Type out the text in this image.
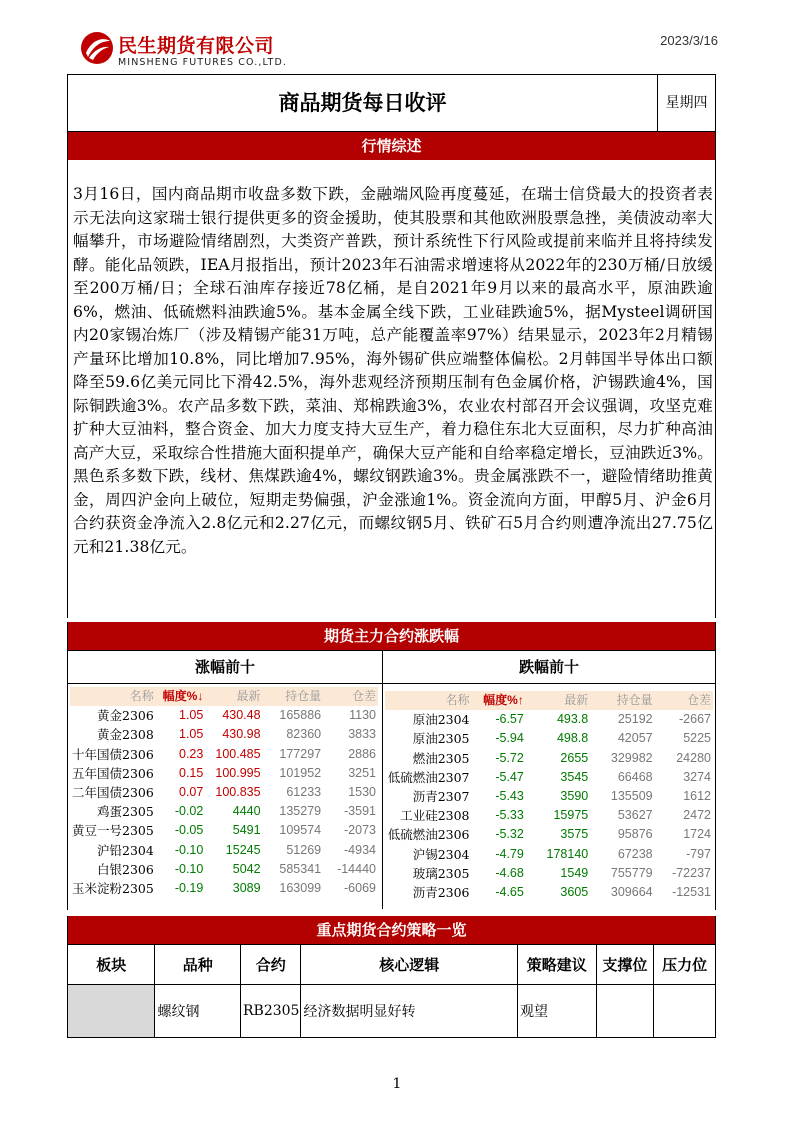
民生期货有限公司
MINSHENG FUTURES CO.,LTD.
2023/3/16
商品期货每日收评	星期四
行情综述
3月16日，国内商品期市收盘多数下跌，金融端风险再度蔓延，在瑞士信贷最大的投资者表示无法向这家瑞士银行提供更多的资金援助，使其股票和其他欧洲股票急挫，美债波动率大幅攀升，市场避险情绪剧烈，大类资产普跌，预计系统性下行风险或提前来临并且将持续发酵。能化品领跌，IEA月报指出，预计2023年石油需求增速将从2022年的230万桶/日放缓至200万桶/日；全球石油库存接近78亿桶，是自2021年9月以来的最高水平，原油跌逾6%，燃油、低硫燃料油跌逾5%。基本金属全线下跌，工业硅跌逾5%，据Mysteel调研国内20家锡冶炼厂（涉及精锡产能31万吨，总产能覆盖率97%）结果显示，2023年2月精锡产量环比增加10.8%，同比增加7.95%，海外锡矿供应端整体偏松。2月韩国半导体出口额降至59.6亿美元同比下滑42.5%，海外悲观经济预期压制有色金属价格，沪锡跌逾4%，国际铜跌逾3%。农产品多数下跌，菜油、郑棉跌逾3%，农业农村部召开会议强调，攻坚克难扩种大豆油料，整合资金、加大力度支持大豆生产，着力稳住东北大豆面积，尽力扩种高油高产大豆，采取综合性措施大面积提单产，确保大豆产能和自给率稳定增长，豆油跌近3%。黑色系多数下跌，线材、焦煤跌逾4%，螺纹钢跌逾3%。贵金属涨跌不一，避险情绪助推黄金，周四沪金向上破位，短期走势偏强，沪金涨逾1%。资金流向方面，甲醇5月、沪金6月合约获资金净流入2.8亿元和2.27亿元，而螺纹钢5月、铁矿石5月合约则遭净流出27.75亿元和21.38亿元。
期货主力合约涨跌幅
涨幅前十
名称	幅度%↓	最新	持仓量	仓差
黄金2306	1.05	430.48	165886	1130
黄金2308	1.05	430.98	82360	3833
十年国债2306	0.23	100.485	177297	2886
五年国债2306	0.15	100.995	101952	3251
二年国债2306	0.07	100.835	61233	1530
鸡蛋2305	-0.02	4440	135279	-3591
黄豆一号2305	-0.05	5491	109574	-2073
沪铅2304	-0.10	15245	51269	-4934
白银2306	-0.10	5042	585341	-14440
玉米淀粉2305	-0.19	3089	163099	-6069
跌幅前十
名称	幅度%↑	最新	持仓量	仓差
原油2304	-6.57	493.8	25192	-2667
原油2305	-5.94	498.8	42057	5225
燃油2305	-5.72	2655	329982	24280
低硫燃油2307	-5.47	3545	66468	3274
沥青2307	-5.43	3590	135509	1612
工业硅2308	-5.33	15975	53627	2472
低硫燃油2306	-5.32	3575	95876	1724
沪锡2304	-4.79	178140	67238	-797
玻璃2305	-4.68	1549	755779	-72237
沥青2306	-4.65	3605	309664	-12531
重点期货合约策略一览
板块	品种	合约	核心逻辑	策略建议	支撑位	压力位
	螺纹钢	RB2305	经济数据明显好转	观望		
1
